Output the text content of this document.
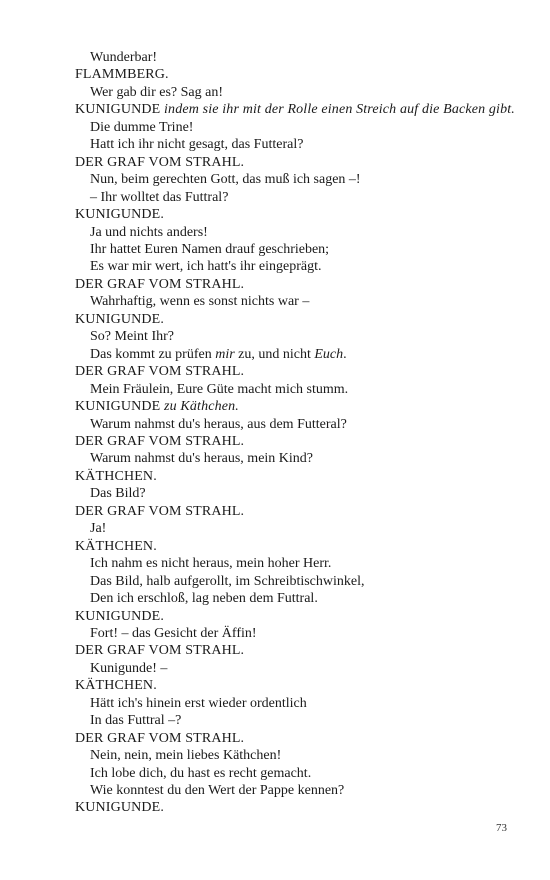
Wunderbar!
FLAMMBERG.
Wer gab dir es? Sag an!
KUNIGUNDE indem sie ihr mit der Rolle einen Streich auf die Backen gibt.
Die dumme Trine!
Hatt ich ihr nicht gesagt, das Futteral?
DER GRAF VOM STRAHL.
Nun, beim gerechten Gott, das muß ich sagen –!
– Ihr wolltet das Futtral?
KUNIGUNDE.
Ja und nichts anders!
Ihr hattet Euren Namen drauf geschrieben;
Es war mir wert, ich hatt's ihr eingeprägt.
DER GRAF VOM STRAHL.
Wahrhaftig, wenn es sonst nichts war –
KUNIGUNDE.
So? Meint Ihr?
Das kommt zu prüfen mir zu, und nicht Euch.
DER GRAF VOM STRAHL.
Mein Fräulein, Eure Güte macht mich stumm.
KUNIGUNDE zu Käthchen.
Warum nahmst du's heraus, aus dem Futteral?
DER GRAF VOM STRAHL.
Warum nahmst du's heraus, mein Kind?
KÄTHCHEN.
Das Bild?
DER GRAF VOM STRAHL.
Ja!
KÄTHCHEN.
Ich nahm es nicht heraus, mein hoher Herr.
Das Bild, halb aufgerollt, im Schreibtischwinkel,
Den ich erschloß, lag neben dem Futtral.
KUNIGUNDE.
Fort! – das Gesicht der Äffin!
DER GRAF VOM STRAHL.
Kunigunde! –
KÄTHCHEN.
Hätt ich's hinein erst wieder ordentlich
In das Futtral –?
DER GRAF VOM STRAHL.
Nein, nein, mein liebes Käthchen!
Ich lobe dich, du hast es recht gemacht.
Wie konntest du den Wert der Pappe kennen?
KUNIGUNDE.
73
